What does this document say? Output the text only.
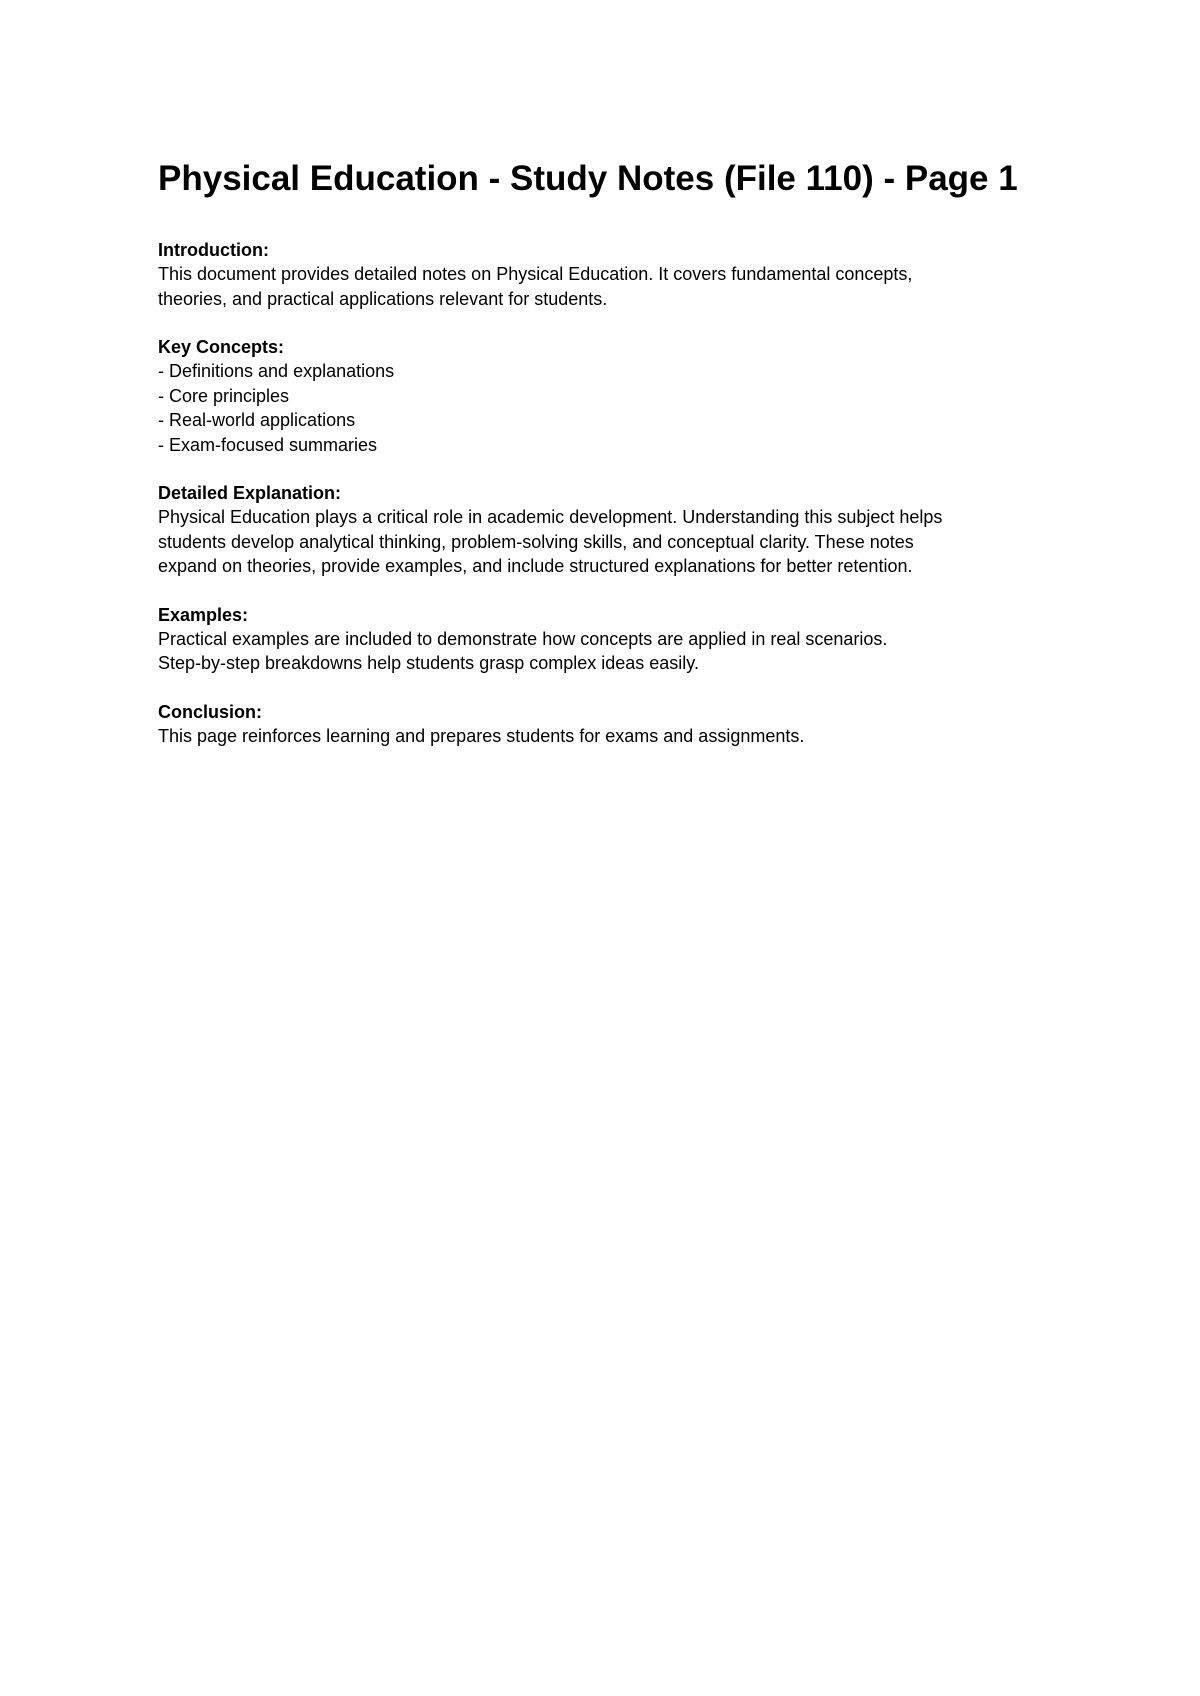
Physical Education - Study Notes (File 110) - Page 1

Introduction:

This document provides detailed notes on Physical Education. It covers fundamental concepts,
theories, and practical applications relevant for students.

Key Concepts:

- Definitions and explanations
- Core principles
- Real-world applications
- Exam-focused summaries

Detailed Explanation:

Physical Education plays a critical role in academic development. Understanding this subject helps
students develop analytical thinking, problem-solving skills, and conceptual clarity. These notes
expand on theories, provide examples, and include structured explanations for better retention.

Examples:

Practical examples are included to demonstrate how concepts are applied in real scenarios.
Step-by-step breakdowns help students grasp complex ideas easily.

Conclusion:

This page reinforces learning and prepares students for exams and assignments.
